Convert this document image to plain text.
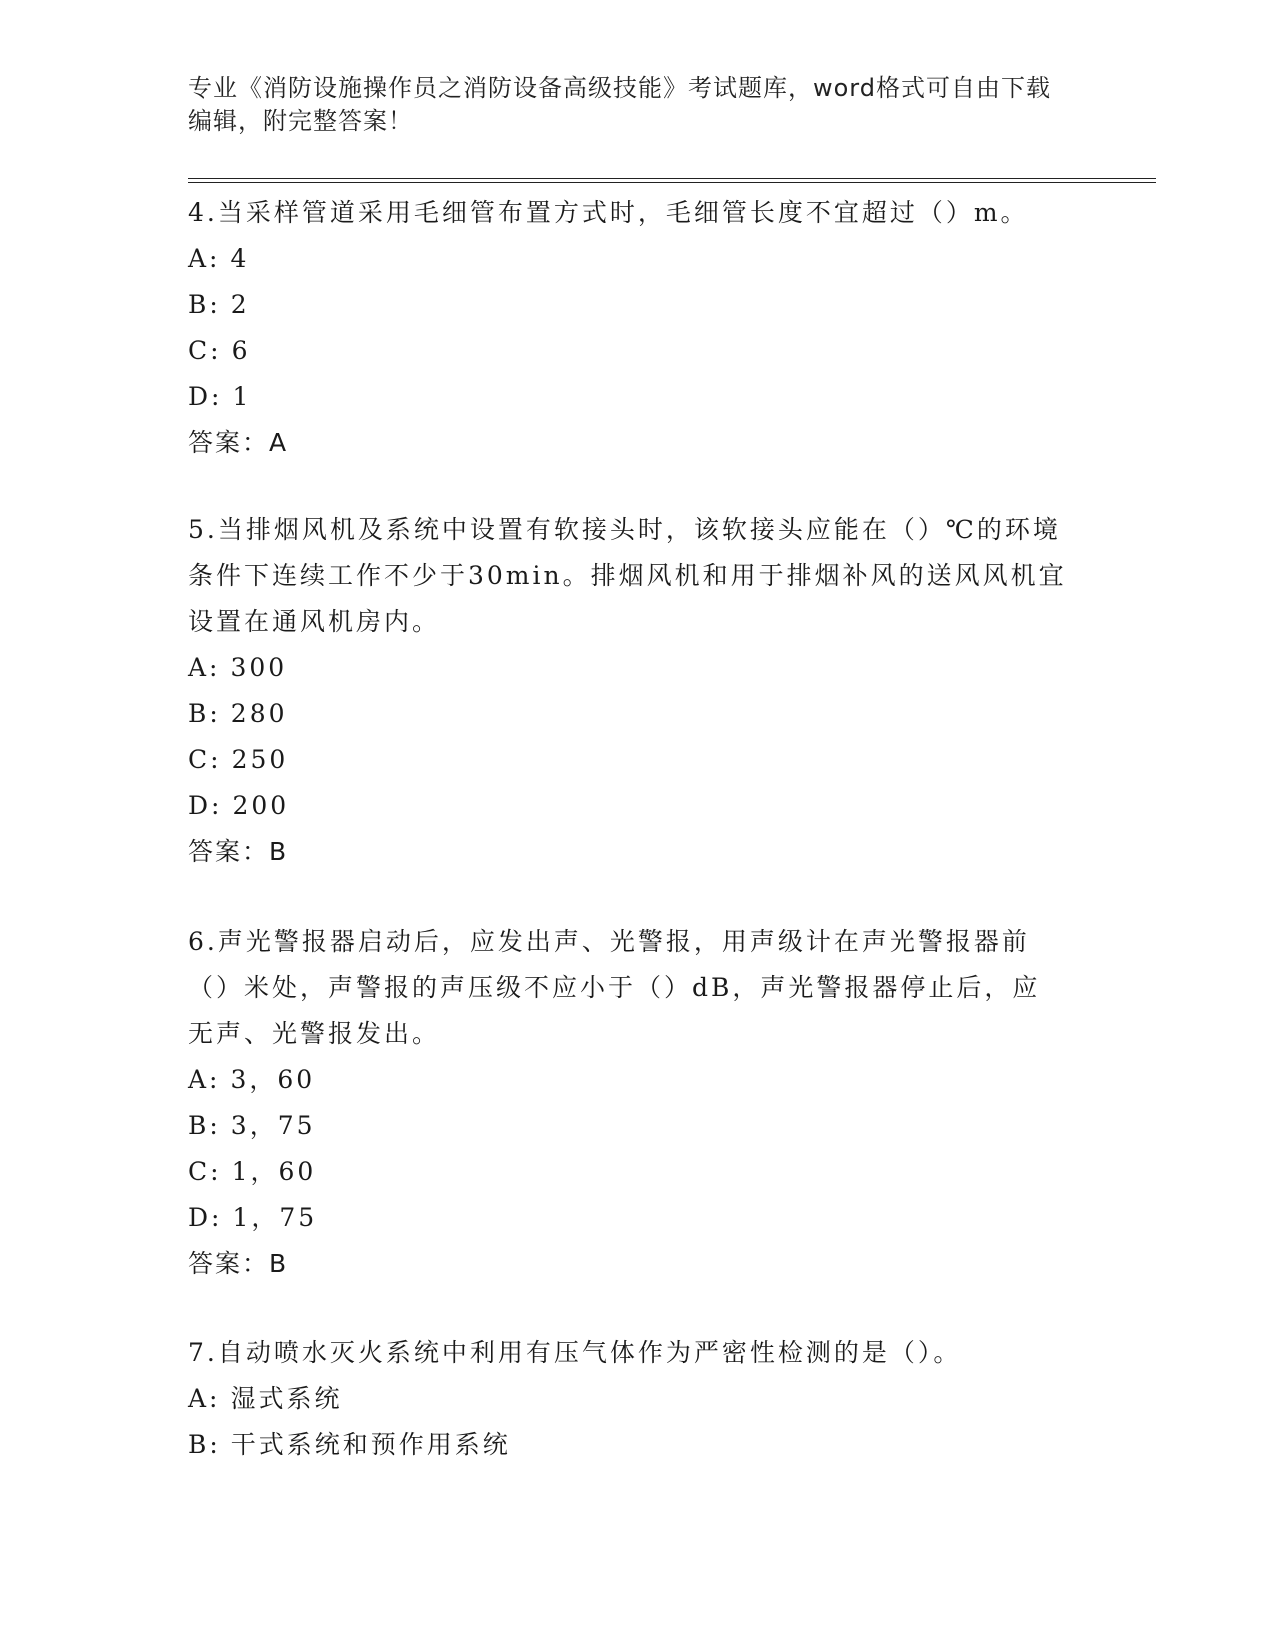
专业《消防设施操作员之消防设备高级技能》考试题库，word格式可自由下载编辑，附完整答案！

4.当采样管道采用毛细管布置方式时，毛细管长度不宜超过（）m。

A: 4

B: 2

C: 6

D: 1

答案：A

5.当排烟风机及系统中设置有软接头时，该软接头应能在（）℃的环境条件下连续工作不少于30min。排烟风机和用于排烟补风的送风风机宜设置在通风机房内。

A: 300

B: 280

C: 250

D: 200

答案：B

6.声光警报器启动后，应发出声、光警报，用声级计在声光警报器前（）米处，声警报的声压级不应小于（）dB，声光警报器停止后，应无声、光警报发出。

A: 3，60

B: 3，75

C: 1，60

D: 1，75

答案：B

7.自动喷水灭火系统中利用有压气体作为严密性检测的是（）。

A: 湿式系统

B: 干式系统和预作用系统
